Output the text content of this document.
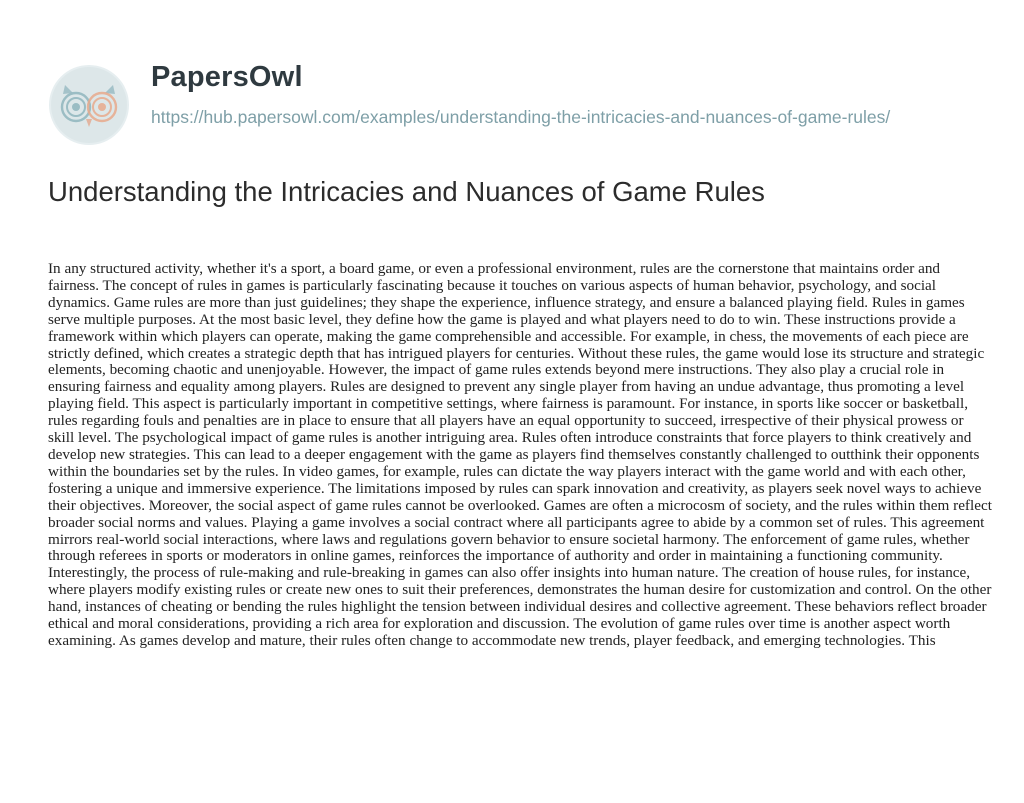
PapersOwl
https://hub.papersowl.com/examples/understanding-the-intricacies-and-nuances-of-game-rules/
Understanding the Intricacies and Nuances of Game Rules

In any structured activity, whether it's a sport, a board game, or even a professional environment, rules are the cornerstone that maintains order and fairness. The concept of rules in games is particularly fascinating because it touches on various aspects of human behavior, psychology, and social dynamics. Game rules are more than just guidelines; they shape the experience, influence strategy, and ensure a balanced playing field. Rules in games serve multiple purposes. At the most basic level, they define how the game is played and what players need to do to win. These instructions provide a framework within which players can operate, making the game comprehensible and accessible. For example, in chess, the movements of each piece are strictly defined, which creates a strategic depth that has intrigued players for centuries. Without these rules, the game would lose its structure and strategic elements, becoming chaotic and unenjoyable. However, the impact of game rules extends beyond mere instructions. They also play a crucial role in ensuring fairness and equality among players. Rules are designed to prevent any single player from having an undue advantage, thus promoting a level playing field. This aspect is particularly important in competitive settings, where fairness is paramount. For instance, in sports like soccer or basketball, rules regarding fouls and penalties are in place to ensure that all players have an equal opportunity to succeed, irrespective of their physical prowess or skill level. The psychological impact of game rules is another intriguing area. Rules often introduce constraints that force players to think creatively and develop new strategies. This can lead to a deeper engagement with the game as players find themselves constantly challenged to outthink their opponents within the boundaries set by the rules. In video games, for example, rules can dictate the way players interact with the game world and with each other, fostering a unique and immersive experience. The limitations imposed by rules can spark innovation and creativity, as players seek novel ways to achieve their objectives. Moreover, the social aspect of game rules cannot be overlooked. Games are often a microcosm of society, and the rules within them reflect broader social norms and values. Playing a game involves a social contract where all participants agree to abide by a common set of rules. This agreement mirrors real-world social interactions, where laws and regulations govern behavior to ensure societal harmony. The enforcement of game rules, whether through referees in sports or moderators in online games, reinforces the importance of authority and order in maintaining a functioning community. Interestingly, the process of rule-making and rule-breaking in games can also offer insights into human nature. The creation of house rules, for instance, where players modify existing rules or create new ones to suit their preferences, demonstrates the human desire for customization and control. On the other hand, instances of cheating or bending the rules highlight the tension between individual desires and collective agreement. These behaviors reflect broader ethical and moral considerations, providing a rich area for exploration and discussion. The evolution of game rules over time is another aspect worth examining. As games develop and mature, their rules often change to accommodate new trends, player feedback, and emerging technologies. This
